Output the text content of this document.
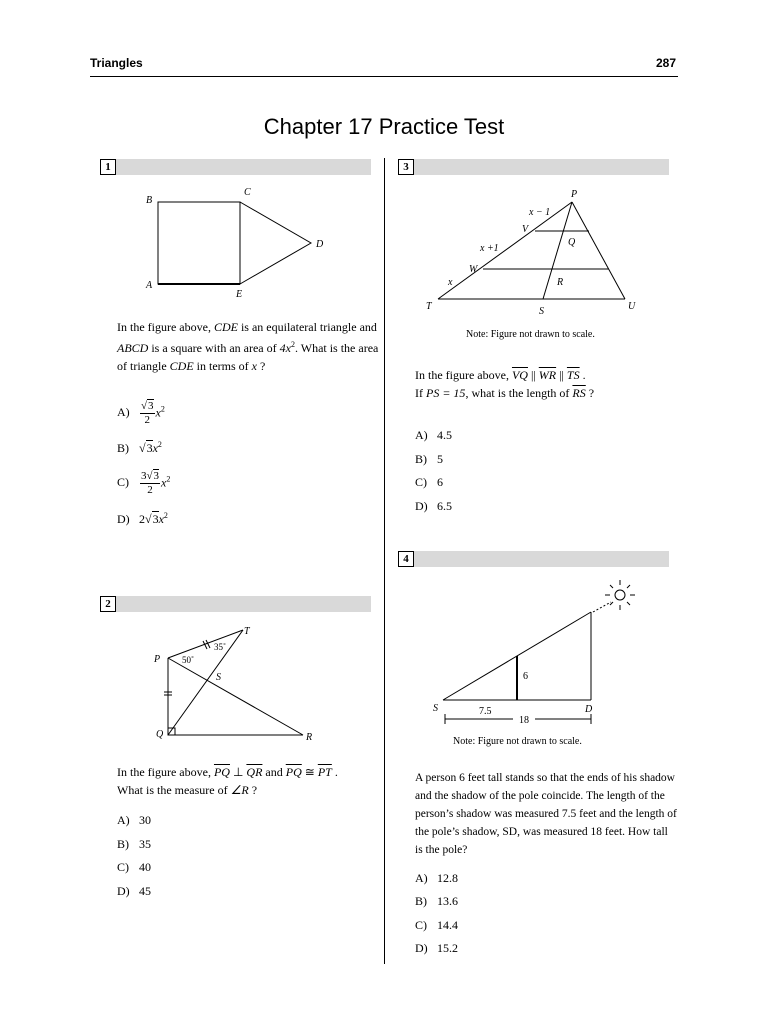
Triangles	287
Chapter 17 Practice Test
1
B
C
D
A
E
In the figure above, CDE is an equilateral triangle and ABCD is a square with an area of $4x^2$. What is the area of triangle CDE in terms of x ?
$A) \frac{√3}{2} x^2$
B) $√3x^2$
$C) \frac{3√3}{2} x^2$
D) $2√3x^2$
2
P
Q	R
S
T
50˚
35˚
In the figure above, $\overline{PQ}$ ⊥ $\overline{QR}$ and $\overline{PQ}$ ≅ $\overline{PT}$ .
What is the measure of ∠R ?
A) 30
B) 35
C) 40
D) 45
3
P
V
W
Q
R
T	S	U
x − 1
x +1
x
Note: Figure not drawn to scale.
In the figure above, $\overline{VQ}$ || $\overline{WR}$ || $\overline{TS}$ .
If PS = 15, what is the length of $\overline{RS}$ ?
A) 4.5
B) 5
C) 6
D) 6.5
4
6
7.5
18
S	D
Note: Figure not drawn to scale.
A person 6 feet tall stands so that the ends of his shadow and the shadow of the pole coincide. The length of the person’s shadow was measured 7.5 feet and the length of the pole’s shadow, SD, was measured 18 feet. How tall is the pole?
A) 12.8
B) 13.6
C) 14.4
D) 15.2
